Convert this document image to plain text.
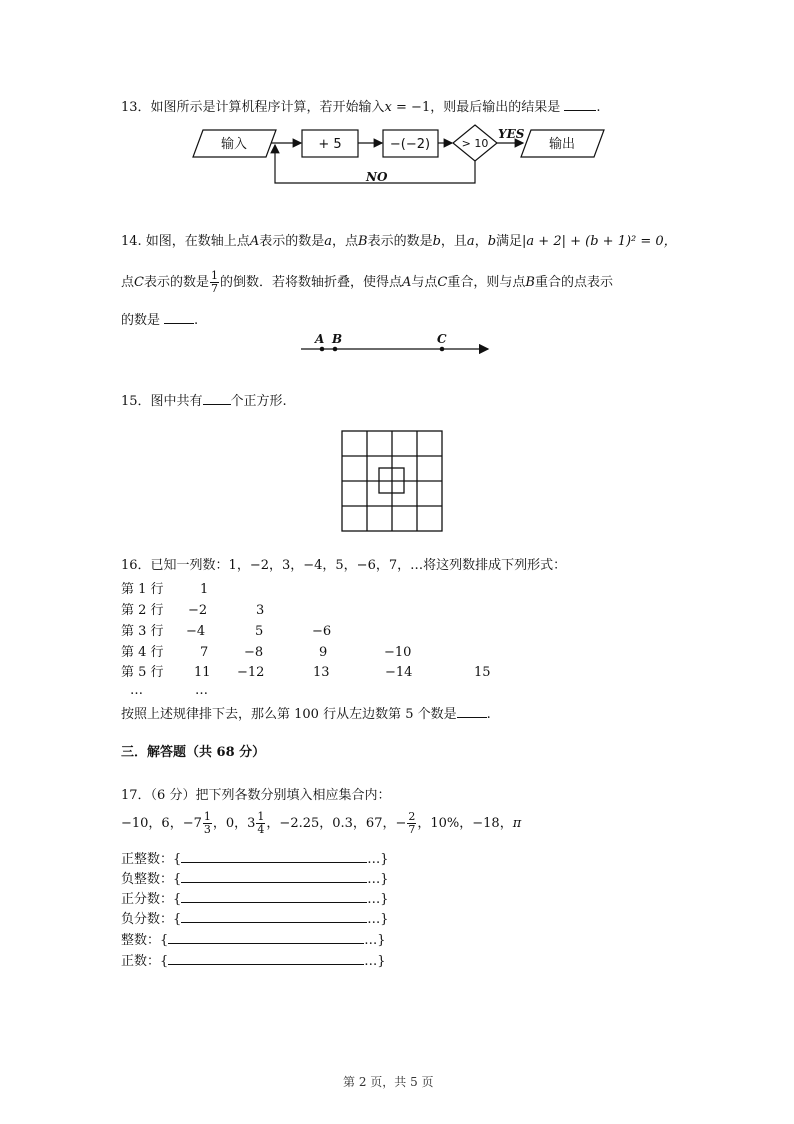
13．如图所示是计算机程序计算，若开始输入x = −1，则最后输出的结果是	.
输入	+ 5	−(−2)	> 10
YES
输出
NO
A B	C
14. 如图，在数轴上点A表示的数是a，点B表示的数是b，且a，b满足|a + 2| + (b + 1)² = 0，
点C表示的数是 $\frac{1}{7}$ 的倒数．若将数轴折叠，使得点A与点C重合，则与点B重合的点表示
的数是	.
15．图中共有 个正方形.
16．已知一列数：1，−2，3，−4，5，−6，7，…将这列数排成下列形式：
第 1 行	1
第 2 行 −2	3
第 3 行 −4	5	−6
第 4 行	7	−8	9	−10
第 5 行 11 −12	13	−14	15
…	…
按照上述规律排下去，那么第 100 行从左边数第 5 个数是 .
三．解答题（共 68 分）
17．（6 分）把下列各数分别填入相应集合内：
−10，6，$-7 \frac{1}{3}$ ，0，$3 \frac{1}{4}$ ，−2.25，0.3，67，− $\frac{2}{7}$ ，10%，−18，π
正整数：{	…}
负整数：{	…}
正分数：{	…}
负分数：{	…}
整数：{	…}
正数：{	…}
第 2 页，共 5 页
